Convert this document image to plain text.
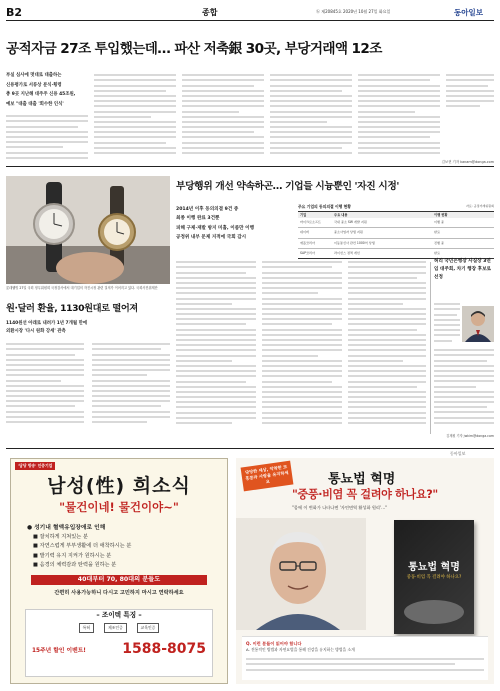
B2	종합	ⓑ 제20845호 2020년 10월 27일 화요일	동아일보
공적자금 27조 투입했는데… 파산 저축銀 30곳, 부당거래액 12조
부실 심사에 멋대로 대출하는
신용평가로 서류상 분식·횡령
총 9곳 지난해 대주주 신용 45조원,
예보 "대출 대출 '회수한 인식'
김보현 기자 kanam@donga.com
부당행위 개선 약속하곤… 기업들 시늉뿐인 '자진 시정'
롯데웰빙 27일 국회 정무위원회 국정감사에서 대기업의 자진시정 관련 질의가 이어지고 있다. 국회사진취재단
2014년 이후 동의의결 9건 중
최종 이행 완료 3건뿐
피해 구제·재발 방지 미흡, 이름만 이행
공정위 내부 문제 지적에 국회 감시
주요 기업의 동의의결 이행 현황	자료: 공정거래위원회
기업	주요 내용	이행 현황
마이크로소프트	국내 중소 SW 개발 지원	이행 중
네이버	중소사업자 상생 지원	완료
애플코리아	이동통신사 관련 1000억 상생	진행 중
SAP코리아	라이선스 정책 개선	완료
원·달러 환율, 1130원대로 떨어져
1140원선 아래로 내려가 1년 7개월 만에
외환시장 '다시 원화 강세' 관측
허리 국민은행장 사실상 3연임 대주회, 차기 행장 후보로 선정
김재원 기자 jwkim@donga.com
동아일보
'담당 방송' 인증기업
남성(性) 희소식
"물건이네! 물건이야~"
● 성기내 혈액유입장애로 인해
■ 잘치하게 지쳐있는 분
■ 자연스럽게 부부생활에 더 애착하시는 분
■ 발기력 유지 지켜가 원하시는 분
■ 음경의 체력감과 탄력을 원하는 분
40대부터 70, 80대의 분들도
간편히 사용가능하니 다시고 고민하지 마시고 연락하세요
– 조이텍 특징 –
특허	제조인증	교육인증
15주년 할인 이벤트!	1588-8075
당당한 세상, 악착한 코 홍콩과 사랑을 유지하세요	통뇨법 혁명
"중풍·비염 꼭 걸려야 하나요?"
"몸에 이 변화가 나타나면 '자연면역 활성화 원리'…"
통뇨법 혁명
중풍·비염 꼭 걸려야 하나요?
Q. 이런 분들이 읽어야 합니다
A. 전통적인 방법과 자연요법을 통해 건강을 유지하는 방법을 소개
